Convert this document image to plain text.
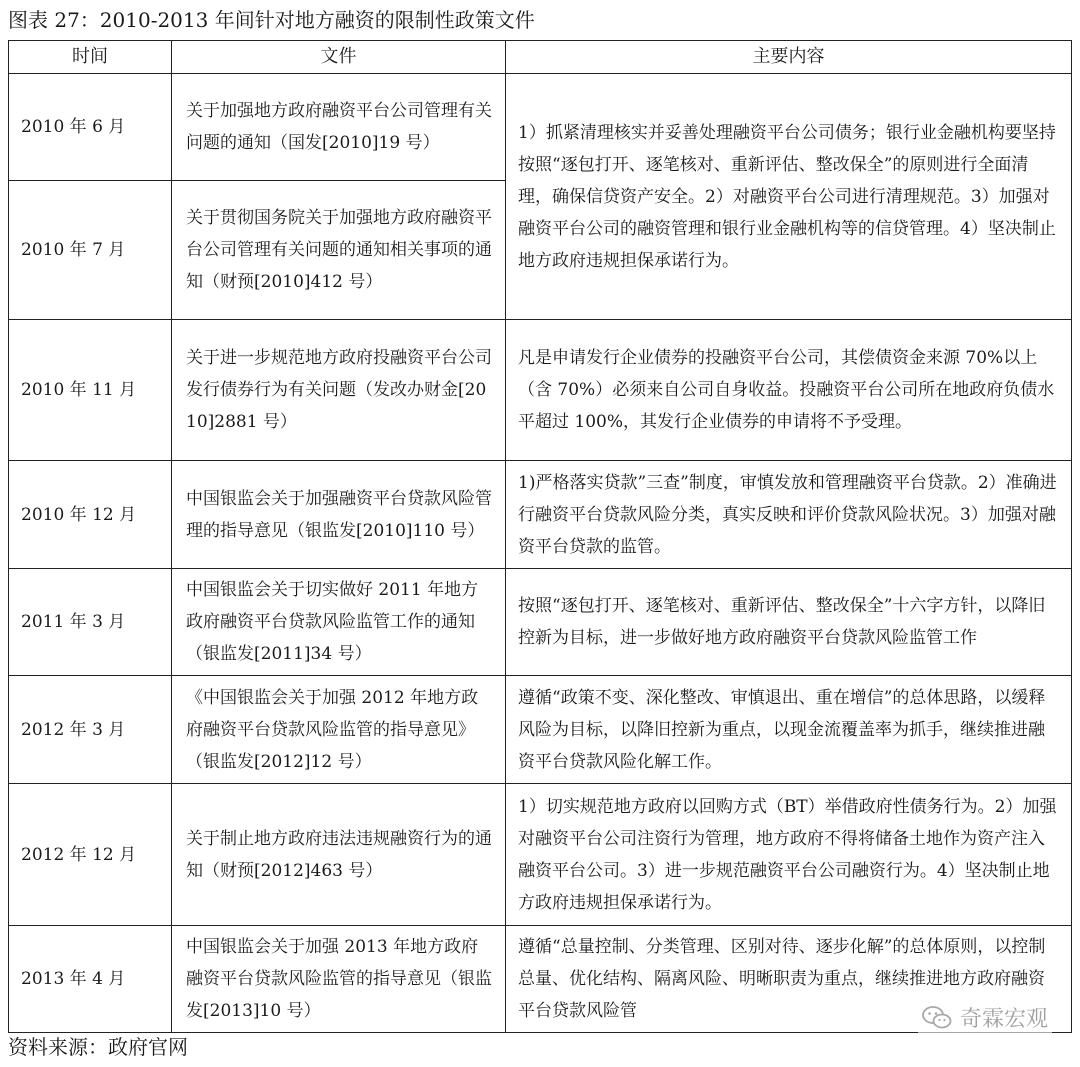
图表 27：2010-2013 年间针对地方融资的限制性政策文件
时间	文件	主要内容
2010 年 6 月	关于加强地方政府融资平台公司管理有关问题的通知（国发[2010]19 号）	1）抓紧清理核实并妥善处理融资平台公司债务；银行业金融机构要坚持按照“逐包打开、逐笔核对、重新评估、整改保全”的原则进行全面清理，确保信贷资产安全。2）对融资平台公司进行清理规范。3）加强对融资平台公司的融资管理和银行业金融机构等的信贷管理。4）坚决制止地方政府违规担保承诺行为。
2010 年 7 月	关于贯彻国务院关于加强地方政府融资平台公司管理有关问题的通知相关事项的通知（财预[2010]412 号）	
2010 年 11 月	关于进一步规范地方政府投融资平台公司发行债券行为有关问题（发改办财金[2010]2881 号）	凡是申请发行企业债券的投融资平台公司，其偿债资金来源 70%以上（含 70%）必须来自公司自身收益。投融资平台公司所在地政府负债水平超过 100%，其发行企业债券的申请将不予受理。
2010 年 12 月	中国银监会关于加强融资平台贷款风险管理的指导意见（银监发[2010]110 号）	1)严格落实贷款”三查”制度，审慎发放和管理融资平台贷款。2）准确进行融资平台贷款风险分类，真实反映和评价贷款风险状况。3）加强对融资平台贷款的监管。
2011 年 3 月	中国银监会关于切实做好 2011 年地方政府融资平台贷款风险监管工作的通知（银监发[2011]34 号）	按照“逐包打开、逐笔核对、重新评估、整改保全”十六字方针，以降旧控新为目标，进一步做好地方政府融资平台贷款风险监管工作
2012 年 3 月	《中国银监会关于加强 2012 年地方政府融资平台贷款风险监管的指导意见》（银监发[2012]12 号）	遵循“政策不变、深化整改、审慎退出、重在增信”的总体思路，以缓释风险为目标，以降旧控新为重点，以现金流覆盖率为抓手，继续推进融资平台贷款风险化解工作。
2012 年 12 月	关于制止地方政府违法违规融资行为的通知（财预[2012]463 号）	1）切实规范地方政府以回购方式（BT）举借政府性债务行为。2）加强对融资平台公司注资行为管理，地方政府不得将储备土地作为资产注入融资平台公司。3）进一步规范融资平台公司融资行为。4）坚决制止地方政府违规担保承诺行为。
2013 年 4 月	中国银监会关于加强 2013 年地方政府融资平台贷款风险监管的指导意见（银监发[2013]10 号）	遵循“总量控制、分类管理、区别对待、逐步化解”的总体原则，以控制总量、优化结构、隔离风险、明晰职责为重点，继续推进地方政府融资平台贷款风险管	奇霖宏观
资料来源：政府官网
